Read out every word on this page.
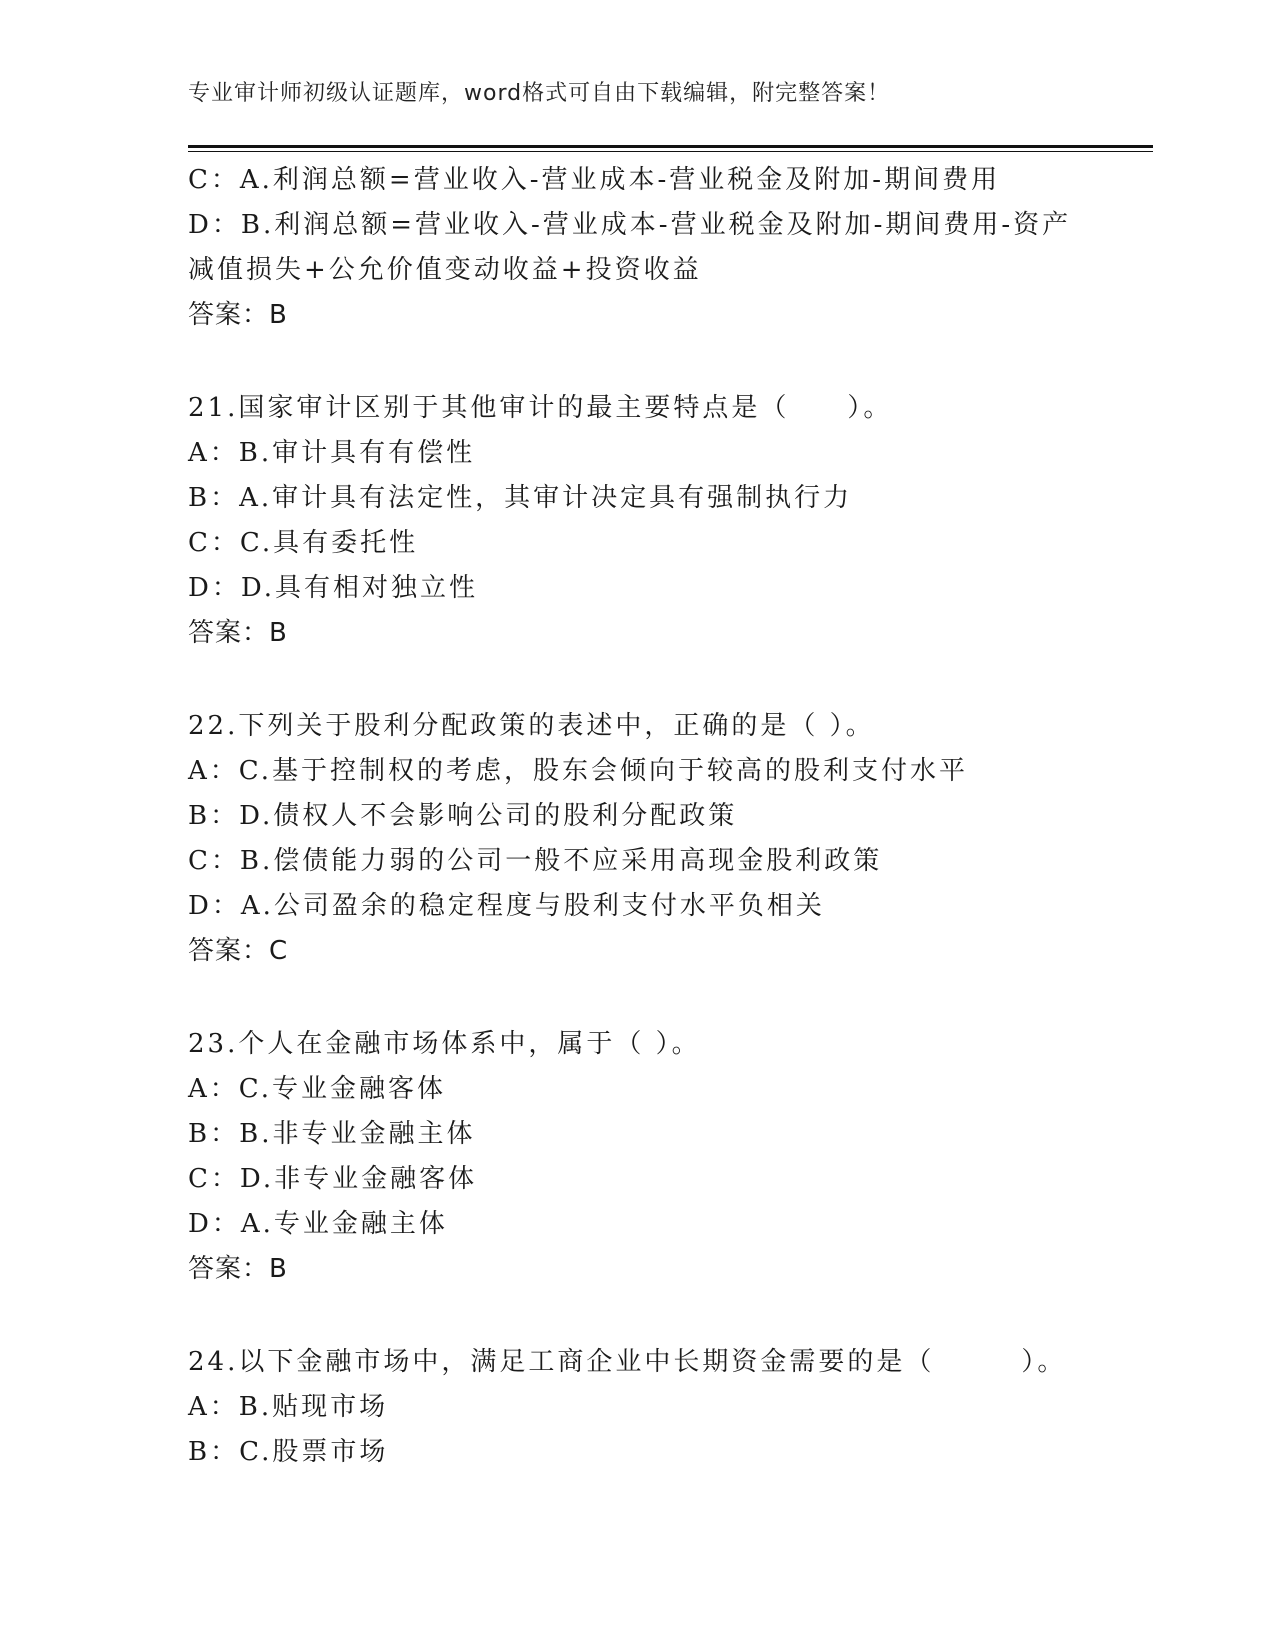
专业审计师初级认证题库，word格式可自由下载编辑，附完整答案！
C：A.利润总额=营业收入-营业成本-营业税金及附加-期间费用
D：B.利润总额=营业收入-营业成本-营业税金及附加-期间费用-资产
减值损失+公允价值变动收益+投资收益
答案：B
21.国家审计区别于其他审计的最主要特点是（　　）。
A：B.审计具有有偿性
B：A.审计具有法定性，其审计决定具有强制执行力
C：C.具有委托性
D：D.具有相对独立性
答案：B
22.下列关于股利分配政策的表述中，正确的是（ ）。
A：C.基于控制权的考虑，股东会倾向于较高的股利支付水平
B：D.债权人不会影响公司的股利分配政策
C：B.偿债能力弱的公司一般不应采用高现金股利政策
D：A.公司盈余的稳定程度与股利支付水平负相关
答案：C
23.个人在金融市场体系中，属于（ ）。
A：C.专业金融客体
B：B.非专业金融主体
C：D.非专业金融客体
D：A.专业金融主体
答案：B
24.以下金融市场中，满足工商企业中长期资金需要的是（　　　）。
A：B.贴现市场
B：C.股票市场
